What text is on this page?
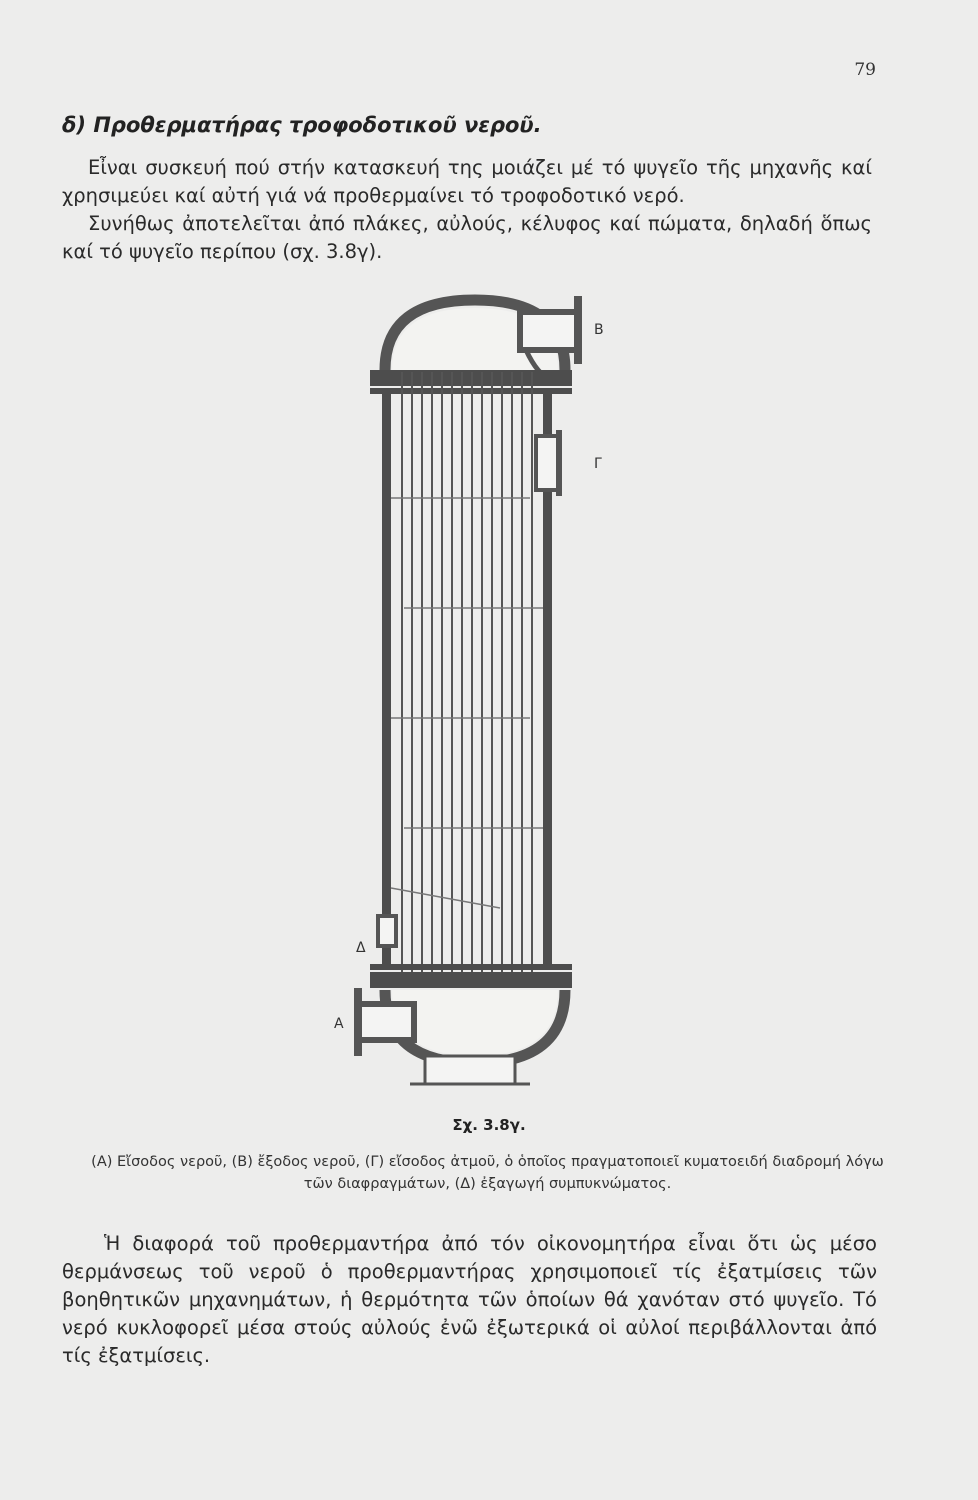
79
δ) Προθερματήρας τροφοδοτικοῦ νεροῦ.

Εἶναι συσκευή πού στήν κατασκευή της μοιάζει μέ τό ψυγεῖο τῆς μηχανῆς καί χρησιμεύει καί αὐτή γιά νά προθερμαίνει τό τροφοδοτικό νερό.

Συνήθως ἀποτελεῖται ἀπό πλάκες, αὐλούς, κέλυφος καί πώματα, δηλαδή ὅπως καί τό ψυγεῖο περίπου (σχ. 3.8γ).

Β
Γ
Δ
Α
Σχ. 3.8γ.
(Α) Εἴσοδος νεροῦ, (Β) ἔξοδος νεροῦ, (Γ) εἴσοδος ἀτμοῦ, ὁ ὁποῖος πραγματοποιεῖ κυματοειδή διαδρομή λόγω τῶν διαφραγμάτων, (Δ) ἐξαγωγή συμπυκνώματος.

Ἡ διαφορά τοῦ προθερμαντήρα ἀπό τόν οἰκονομητήρα εἶναι ὅτι ὡς μέσο θερμάνσεως τοῦ νεροῦ ὁ προθερμαντήρας χρησιμοποιεῖ τίς ἐξατμίσεις τῶν βοηθητικῶν μηχανημάτων, ἡ θερμότητα τῶν ὁποίων θά χανόταν στό ψυγεῖο. Τό νερό κυκλοφορεῖ μέσα στούς αὐλούς ἐνῶ ἐξωτερικά οἱ αὐλοί περιβάλλονται ἀπό τίς ἐξατμίσεις.
